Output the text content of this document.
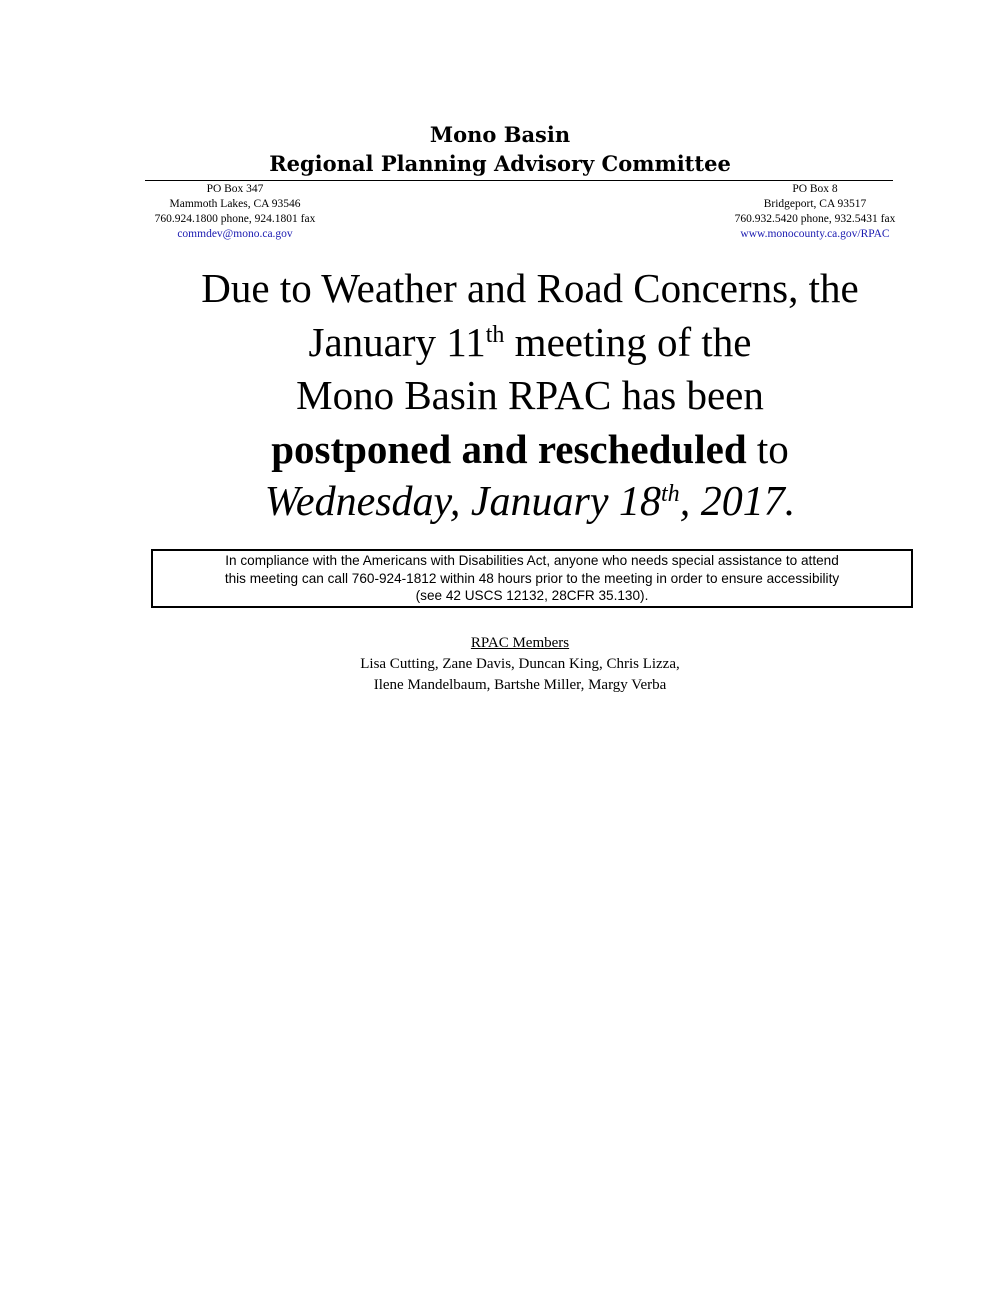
Mono Basin
Regional Planning Advisory Committee
PO Box 347
Mammoth Lakes, CA 93546
760.924.1800 phone, 924.1801 fax
commdev@mono.ca.gov
PO Box 8
Bridgeport, CA 93517
760.932.5420 phone, 932.5431 fax
www.monocounty.ca.gov/RPAC
Due to Weather and Road Concerns, the
January 11th meeting of the
Mono Basin RPAC has been
postponed and rescheduled to
Wednesday, January 18th, 2017.
In compliance with the Americans with Disabilities Act, anyone who needs special assistance to attend
this meeting can call 760-924-1812 within 48 hours prior to the meeting in order to ensure accessibility
(see 42 USCS 12132, 28CFR 35.130).
RPAC Members
Lisa Cutting, Zane Davis, Duncan King, Chris Lizza,
Ilene Mandelbaum, Bartshe Miller, Margy Verba
